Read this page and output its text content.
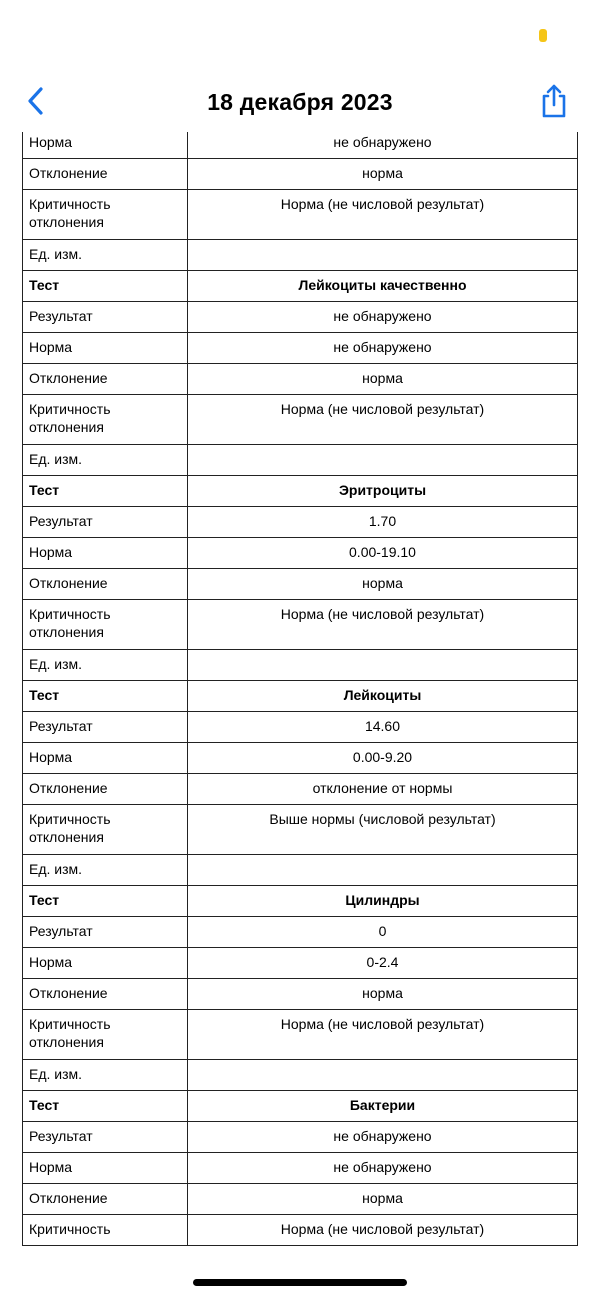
18 декабря 2023
Норма	не обнаружено
Отклонение	норма
Критичность отклонения	Норма (не числовой результат)
Ед. изм.	
Тест	Лейкоциты качественно
Результат	не обнаружено
Норма	не обнаружено
Отклонение	норма
Критичность отклонения	Норма (не числовой результат)
Ед. изм.	
Тест	Эритроциты
Результат	1.70
Норма	0.00-19.10
Отклонение	норма
Критичность отклонения	Норма (не числовой результат)
Ед. изм.	
Тест	Лейкоциты
Результат	14.60
Норма	0.00-9.20
Отклонение	отклонение от нормы
Критичность отклонения	Выше нормы (числовой результат)
Ед. изм.	
Тест	Цилиндры
Результат	0
Норма	0-2.4
Отклонение	норма
Критичность отклонения	Норма (не числовой результат)
Ед. изм.	
Тест	Бактерии
Результат	не обнаружено
Норма	не обнаружено
Отклонение	норма
Критичность	Норма (не числовой результат)
